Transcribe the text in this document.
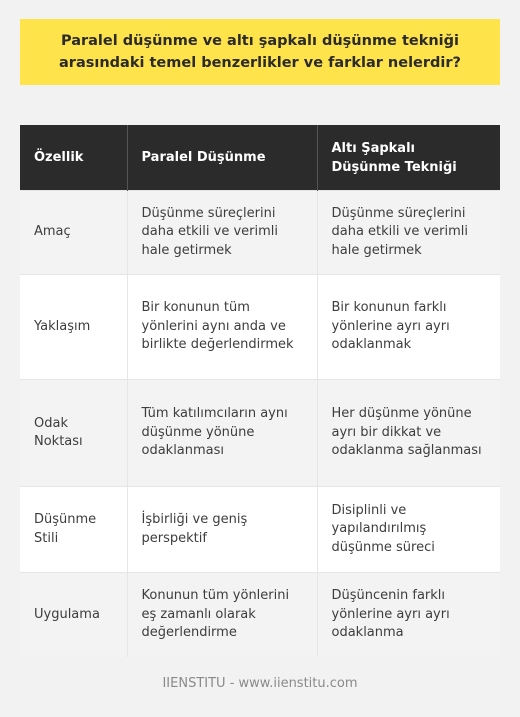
Paralel düşünme ve altı şapkalı düşünme tekniği
arasındaki temel benzerlikler ve farklar nelerdir?
Özellik	Paralel Düşünme	Altı Şapkalı Düşünme Tekniği
Amaç	Düşünme süreçlerini daha etkili ve verimli hale getirmek	Düşünme süreçlerini daha etkili ve verimli hale getirmek
Yaklaşım	Bir konunun tüm yönlerini aynı anda ve birlikte değerlendirmek	Bir konunun farklı yönlerine ayrı ayrı odaklanmak
Odak Noktası	Tüm katılımcıların aynı düşünme yönüne odaklanması	Her düşünme yönüne ayrı bir dikkat ve odaklanma sağlanması
Düşünme Stili	İşbirliği ve geniş perspektif	Disiplinli ve yapılandırılmış düşünme süreci
Uygulama	Konunun tüm yönlerini eş zamanlı olarak değerlendirme	Düşüncenin farklı yönlerine ayrı ayrı odaklanma
IIENSTITU - www.iienstitu.com
